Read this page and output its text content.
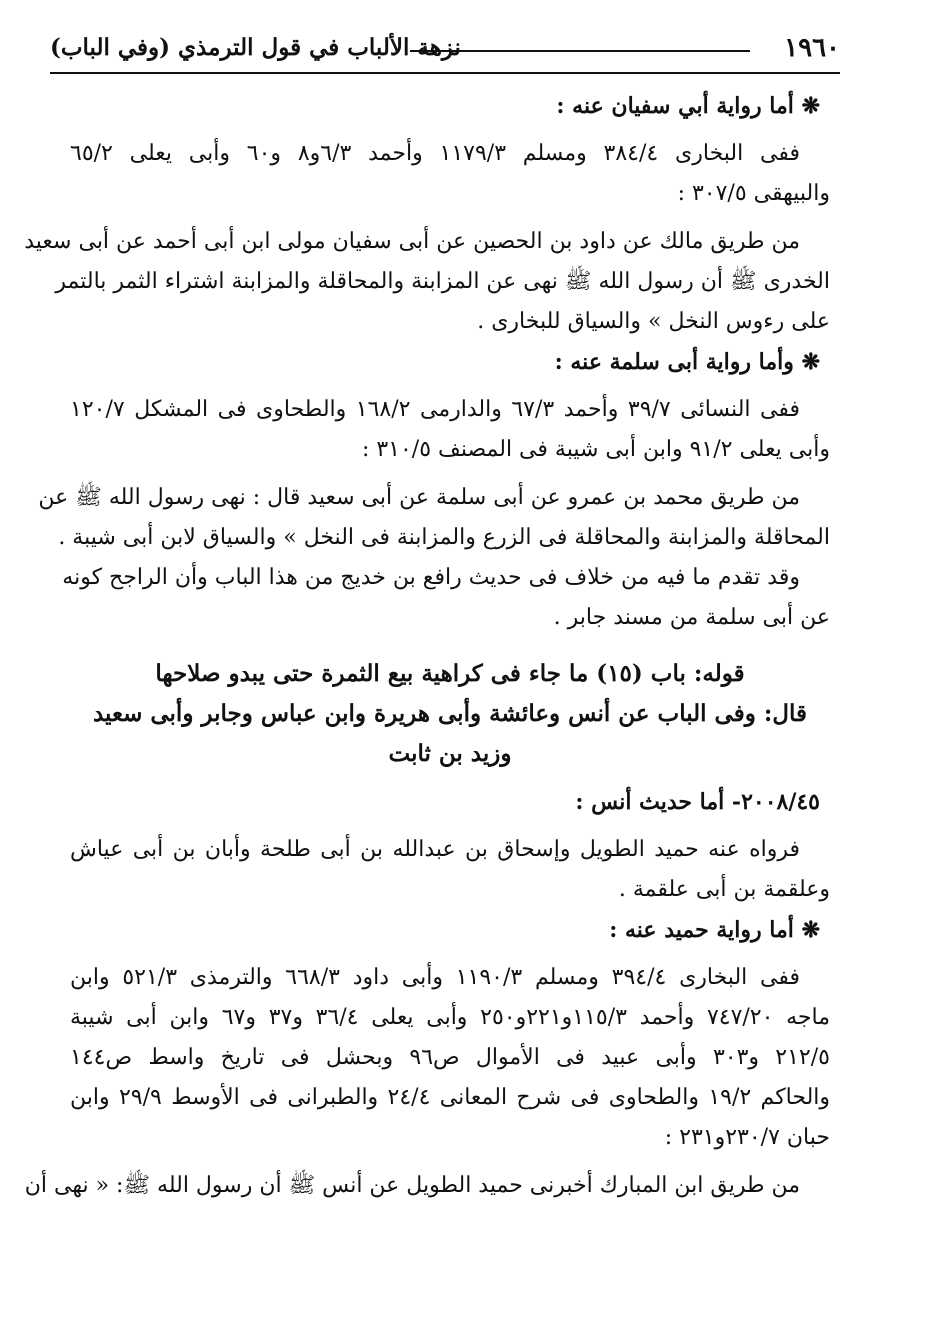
١٩٦٠
نزهة الألباب في قول الترمذي (وفي الباب)
❋ أما رواية أبي سفيان عنه :
ففى البخارى ٣٨٤/٤ ومسلم ١١٧٩/٣ وأحمد ٦/٣و٨ و٦٠ وأبى يعلى ٦٥/٢
والبيهقى ٣٠٧/٥ :
من طريق مالك عن داود بن الحصين عن أبى سفيان مولى ابن أبى أحمد عن أبى سعيد
الخدرى ﷺ أن رسول الله ﷺ نهى عن المزابنة والمحاقلة والمزابنة اشتراء الثمر بالتمر
على رءوس النخل » والسياق للبخارى .
❋ وأما رواية أبى سلمة عنه :
ففى النسائى ٣٩/٧ وأحمد ٦٧/٣ والدارمى ١٦٨/٢ والطحاوى فى المشكل ١٢٠/٧
وأبى يعلى ٩١/٢ وابن أبى شيبة فى المصنف ٣١٠/٥ :
من طريق محمد بن عمرو عن أبى سلمة عن أبى سعيد قال : نهى رسول الله ﷺ عن
المحاقلة والمزابنة والمحاقلة فى الزرع والمزابنة فى النخل » والسياق لابن أبى شيبة .
وقد تقدم ما فيه من خلاف فى حديث رافع بن خديج من هذا الباب وأن الراجح كونه
عن أبى سلمة من مسند جابر .
قوله: باب (١٥) ما جاء فى كراهية بيع الثمرة حتى يبدو صلاحها
قال: وفى الباب عن أنس وعائشة وأبى هريرة وابن عباس وجابر وأبى سعيد
وزيد بن ثابت
٢٠٠٨/٤٥- أما حديث أنس :
فرواه عنه حميد الطويل وإسحاق بن عبدالله بن أبى طلحة وأبان بن أبى عياش
وعلقمة بن أبى علقمة .
❋ أما رواية حميد عنه :
ففى البخارى ٣٩٤/٤ ومسلم ١١٩٠/٣ وأبى داود ٦٦٨/٣ والترمذى ٥٢١/٣ وابن
ماجه ٧٤٧/٢٠ وأحمد ١١٥/٣و٢٢١و٢٥٠ وأبى يعلى ٣٦/٤ و٣٧ و٦٧ وابن أبى شيبة
٢١٢/٥ و٣٠٣ وأبى عبيد فى الأموال ص٩٦ وبحشل فى تاريخ واسط ص١٤٤
والحاكم ١٩/٢ والطحاوى فى شرح المعانى ٢٤/٤ والطبرانى فى الأوسط ٢٩/٩ وابن
حبان ٢٣٠/٧و٢٣١ :
من طريق ابن المبارك أخبرنى حميد الطويل عن أنس ﷺ أن رسول الله ﷺ: « نهى أن
